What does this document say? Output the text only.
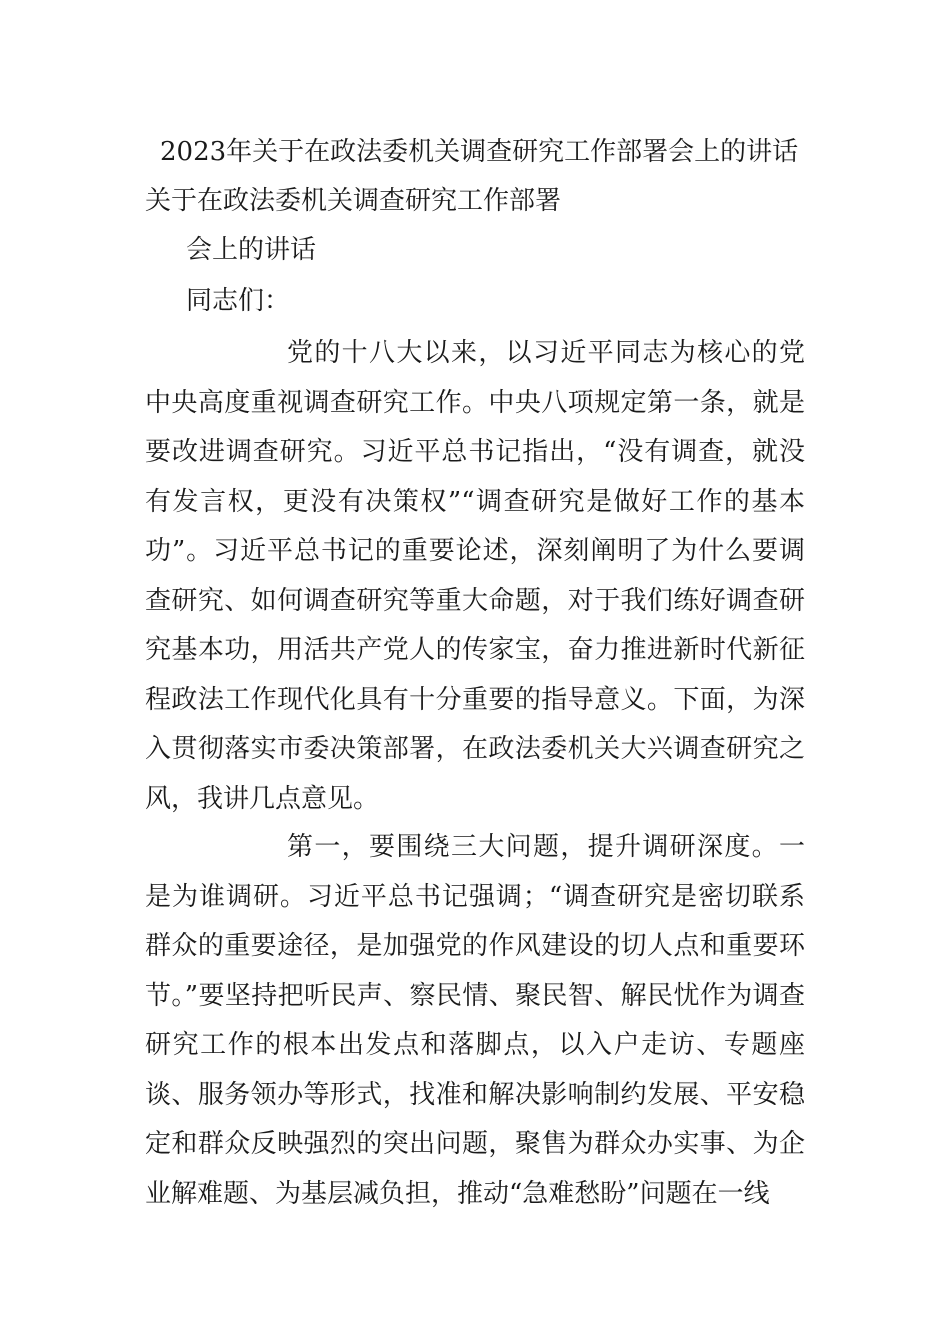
2023年关于在政法委机关调查研究工作部署会上的讲话

关于在政法委机关调查研究工作部署

会上的讲话

同志们：

党的十八大以来，以习近平同志为核心的党中央高度重视调查研究工作。中央八项规定第一条，就是要改进调查研究。习近平总书记指出，“没有调查，就没有发言权，更没有决策权”“调查研究是做好工作的基本功”。习近平总书记的重要论述，深刻阐明了为什么要调查研究、如何调查研究等重大命题，对于我们练好调查研究基本功，用活共产党人的传家宝，奋力推进新时代新征程政法工作现代化具有十分重要的指导意义。下面，为深入贯彻落实市委决策部署，在政法委机关大兴调查研究之风，我讲几点意见。

第一，要围绕三大问题，提升调研深度。一是为谁调研。习近平总书记强调；“调查研究是密切联系群众的重要途径，是加强党的作风建设的切人点和重要环节。”要坚持把听民声、察民情、聚民智、解民忧作为调查研究工作的根本出发点和落脚点，以入户走访、专题座谈、服务领办等形式，找准和解决影响制约发展、平安稳定和群众反映强烈的突出问题，聚售为群众办实事、为企业解难题、为基层减负担，推动“急难愁盼”问题在一线
